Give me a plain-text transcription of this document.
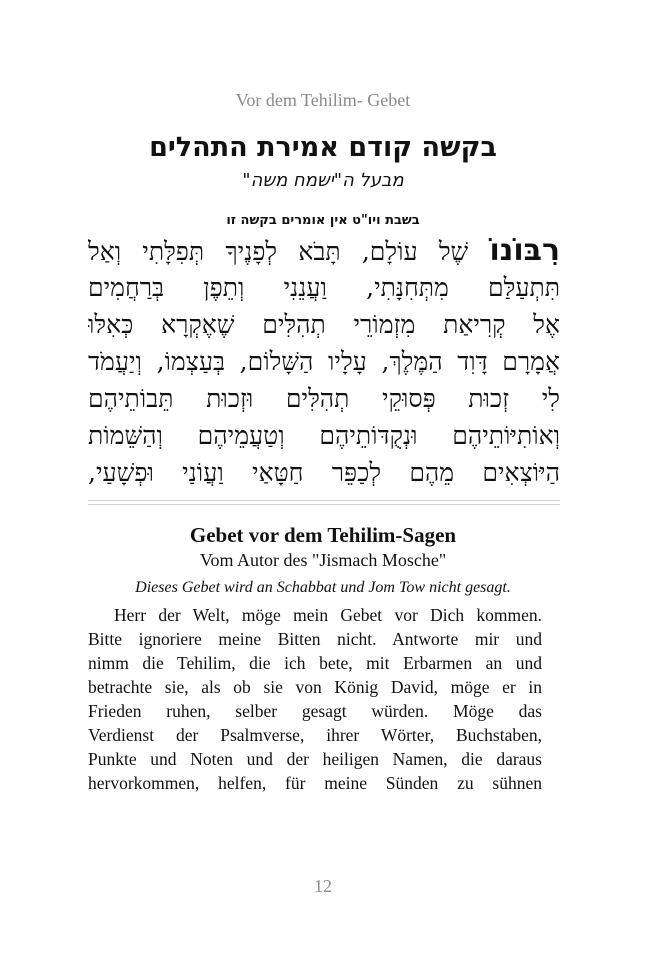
Vor dem Tehilim- Gebet
בקשה קודם אמירת התהלים
מבעל ה"ישמח משה"
בשבת ויו"ט אין אומרים בקשה זו
רִבּוֹנוֹ שֶׁל עוֹלָם, תָּבֹא לְפָנֶיךָ תְּפִלָּתִי וְאַל
תִּתְעַלַּם מִתְּחִנָּתִי, וַעֲנֵנִי וְתֵפֶן בְּרַחֲמִים
אֶל קְרִיאַת מִזְמוֹרֵי תְהִלִּים שֶׁאֶקְרָא כְּאִלּוּ
אֲמָרָם דָּוִד הַמֶּלֶךְ, עָלָיו הַשָּׁלוֹם, בְּעַצְמוֹ, וְיַעֲמֹד
לִי זְכוּת פְּסוּקֵי תְהִלִּים וּזְכוּת תֵּבוֹתֵיהֶם
וְאוֹתִיּוֹתֵיהֶם וּנְקֻדּוֹתֵיהֶם וְטַעֲמֵיהֶם וְהַשֵּׁמוֹת
הַיּוֹצְאִים מֵהֶם לְכַפֵּר חַטָּאַי וַעֲוֹנַי וּפְשָׁעַי,
Gebet vor dem Tehilim-Sagen
Vom Autor des "Jismach Mosche"
Dieses Gebet wird an Schabbat und Jom Tow nicht gesagt.
Herr der Welt, möge mein Gebet vor Dich kommen.
Bitte ignoriere meine Bitten nicht. Antworte mir und
nimm die Tehilim, die ich bete, mit Erbarmen an und
betrachte sie, als ob sie von König David, möge er in
Frieden ruhen, selber gesagt würden. Möge das
Verdienst der Psalmverse, ihrer Wörter, Buchstaben,
Punkte und Noten und der heiligen Namen, die daraus
hervorkommen, helfen, für meine Sünden zu sühnen
12
